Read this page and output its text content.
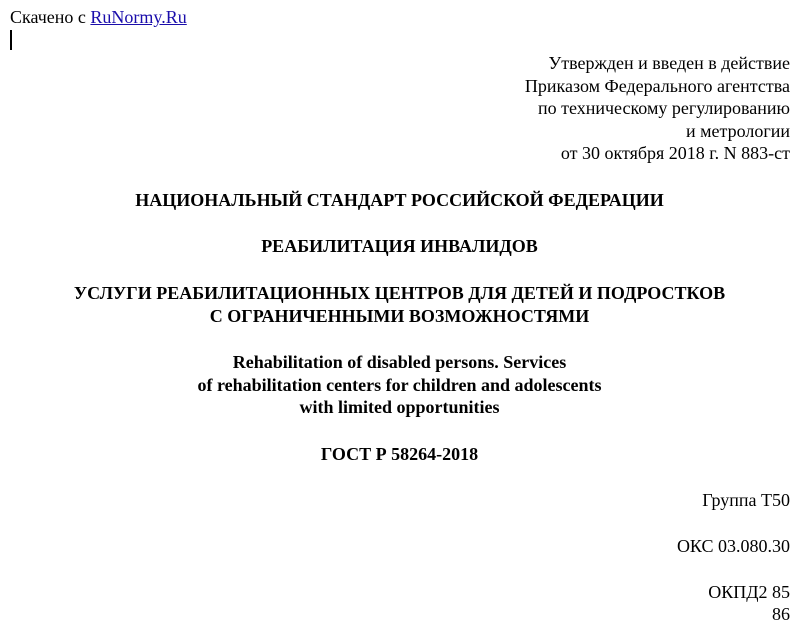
Скачено с RuNormy.Ru
Утвержден и введен в действие
Приказом Федерального агентства
по техническому регулированию
и метрологии
от 30 октября 2018 г. N 883-ст
НАЦИОНАЛЬНЫЙ СТАНДАРТ РОССИЙСКОЙ ФЕДЕРАЦИИ
РЕАБИЛИТАЦИЯ ИНВАЛИДОВ
УСЛУГИ РЕАБИЛИТАЦИОННЫХ ЦЕНТРОВ ДЛЯ ДЕТЕЙ И ПОДРОСТКОВ
С ОГРАНИЧЕННЫМИ ВОЗМОЖНОСТЯМИ
Rehabilitation of disabled persons. Services
of rehabilitation centers for children and adolescents
with limited opportunities
ГОСТ Р 58264-2018
Группа Т50
ОКС 03.080.30
ОКПД2 85
86
